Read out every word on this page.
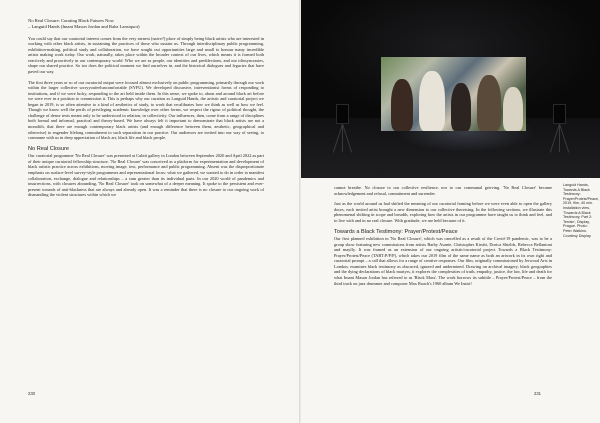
No Real Closure: Curating Black Futures Now
– Languid Hands (Imani Mason Jordan and Rabz Lansiquot)

You could say that our curatorial interest comes from the very earnest (naive?) place of simply being black artists who are interested in working with other black artists, in sustaining the practices of those who sustain us. Through interdisciplinary public programming, exhibition-making, political study and collaboration, we have sought out opportunities large and small to honour many incredible artists making work today. Our work, naturally, takes place within the broader context of our lives, which means it is formed both reactively and proactively in our contemporary world. Who we are as people, our identities and predilections, and our idiosyncrasies, shape our shared practice. So too does the political moment we find ourselves in, and the historical dialogues and legacies that have paved our way.

The first three years or so of our curatorial output were focused almost exclusively on public programming, primarily through our work within the larger collective sorryyoufeeluncomfortable (SYFU). We developed discursive, interventionist forms of responding to institutions, and if we were lucky, responding to the art held inside them. In this sense, we spoke to, about and around black art before we were ever in a position to commission it. This is perhaps why our curation as Languid Hands, the artistic and curatorial project we began in 2019, is so often attentive to a kind of aesthetics of study, to work that recalibrates how we think as well as how we feel. Though we know well the perils of privileging academic knowledge over other forms, we respect the rigour of political thought, the challenge of dense texts meant only to be understood in relation, in collectivity. Our influences, then, come from a range of disciplines both formal and informal, practical and theory-based. We have always felt it important to demonstrate that black artists are not a monolith, that there are enough contemporary black artists (and enough difference between them, aesthetic, geographical and otherwise) to engender lifelong commitment to such separatism in our practice. Our audiences are invited into our way of seeing, to commune with us in deep appreciation of black art, black life and black people.

No Real Closure

Our curatorial programme 'No Real Closure' was presented at Cubitt gallery in London between September 2020 and April 2022 as part of their unique curatorial fellowship structure. 'No Real Closure' was conceived as a platform for experimentation and development of black artistic practice across exhibitions, moving image, text, performance and public programming. Absent was the disproportionate emphasis on surface-level survey-style programmes and representational focus: what we gathered, we wanted to do in order to manifest collaboration, exchange, dialogue and relationships – a sum greater than its individual parts. In our 2020 world of pandemics and insurrections, with closures abounding, 'No Real Closure' took on somewhat of a deeper meaning. It spoke to the persistent and ever-present wounds of anti-blackness that are always and already open. It was a reminder that there is no closure to our ongoing work of dismantling the violent structures within which we

230
Languid Hands, Towards A Black Testimony: Prayer/Protest/Peace, 2019, film, 40 min. Installation view, 'Towards A Black Testimony, Part 2: Terrain', Display, Prague. Photo: Peter Watkins. Courtesy Display

cannot breathe. No closure to our collective resilience, nor to our communal grieving. 'No Real Closure' became acknowledgement and refusal, commitment and surrender.

Just as the world around us had shifted the meaning of our curatorial framing before we were even able to open the gallery doors, each invited artist brought a new dimension to our collective theorising. In the following sections, we illustrate this phenomenal shifting in scope and breadth, exploring how the artists in our programme have taught us to think and feel, and to live with and in no real closure. With gratitude, we are held because of it.

Towards a Black Testimony: Prayer/Protest/Peace

Our first planned exhibition in 'No Real Closure', which was cancelled as a result of the Covid-19 pandemic, was to be a group show featuring new commissions from artists Barby Asante, Christopher Kirubi, Dorica Shields, Rebecca Bellantoni and mayfly. It was framed as an extension of our ongoing artistic/curatorial project Towards a Black Testimony: Prayer/Protest/Peace (TABT:P/P/P), which takes our 2019 film of the same name as both an artwork in its own right and curatorial prompt – a call that allows for a range of creative responses. Our film, originally commissioned by Jerwood Arts in London, examines black testimony as obscured, ignored and undermined. Drawing on archival imagery, black geographies and the dying declarations of black martyrs, it explores the complexities of truth, empathy, justice, the law, life and death for what Imani Mason Jordan has referred to as 'Black Mass'. The work borrows its subtitle – Prayer/Protest/Peace – from the third track on jazz drummer and composer Max Roach's 1960 album We Insist!

231
